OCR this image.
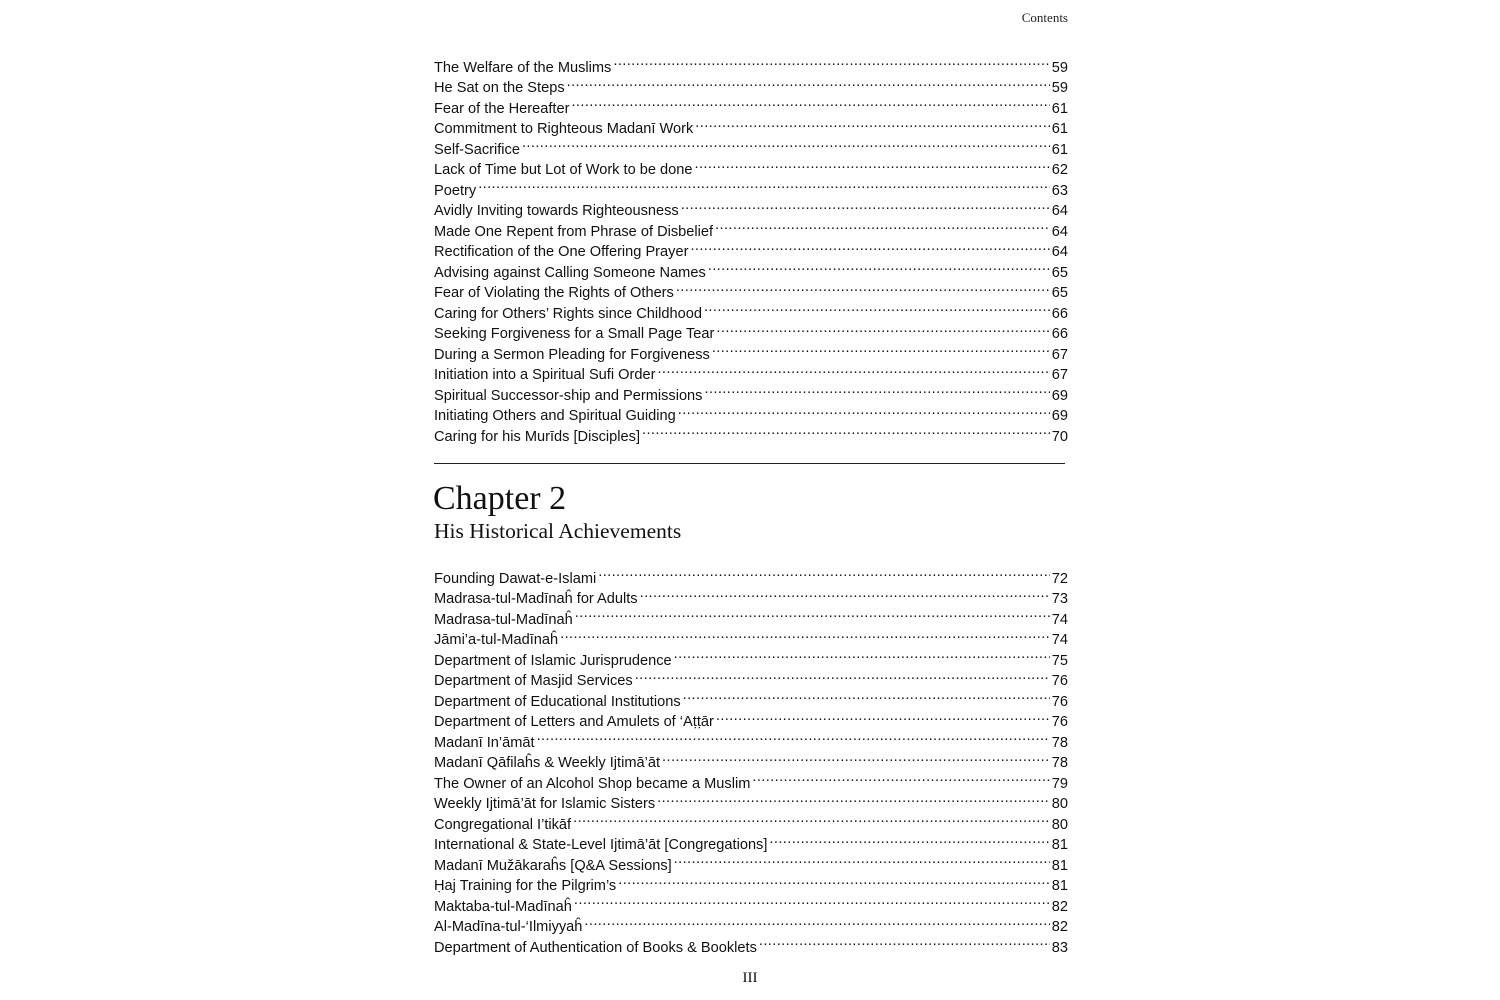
Contents
The Welfare of the Muslims .....	59
He Sat on the Steps .....	59
Fear of the Hereafter .....	61
Commitment to Righteous Madanī Work .....	61
Self-Sacrifice .....	61
Lack of Time but Lot of Work to be done .....	62
Poetry .....	63
Avidly Inviting towards Righteousness .....	64
Made One Repent from Phrase of Disbelief .....	64
Rectification of the One Offering Prayer .....	64
Advising against Calling Someone Names .....	65
Fear of Violating the Rights of Others .....	65
Caring for Others’ Rights since Childhood .....	66
Seeking Forgiveness for a Small Page Tear .....	66
During a Sermon Pleading for Forgiveness .....	67
Initiation into a Spiritual Sufi Order .....	67
Spiritual Successor-ship and Permissions .....	69
Initiating Others and Spiritual Guiding .....	69
Caring for his Murīds [Disciples] .....	70
Chapter 2
His Historical Achievements
Founding Dawat-e-Islami .....	72
Madrasa-tul-Madīnaĥ for Adults .....	73
Madrasa-tul-Madīnaĥ .....	74
Jāmi’a-tul-Madīnaĥ .....	74
Department of Islamic Jurisprudence .....	75
Department of Masjid Services .....	76
Department of Educational Institutions .....	76
Department of Letters and Amulets of ‘Aṭṭār .....	76
Madanī In’āmāt .....	78
Madanī Qāfilaĥs & Weekly Ijtimā’āt .....	78
The Owner of an Alcohol Shop became a Muslim .....	79
Weekly Ijtimā’āt for Islamic Sisters .....	80
Congregational I’tikāf .....	80
International & State-Level Ijtimā’āt [Congregations] .....	81
Madanī Mužākaraĥs [Q&A Sessions] .....	81
Ḥaj Training for the Pilgrim’s .....	81
Maktaba-tul-Madīnaĥ .....	82
Al-Madīna-tul-‘Ilmiyyaĥ .....	82
Department of Authentication of Books & Booklets .....	83
III
